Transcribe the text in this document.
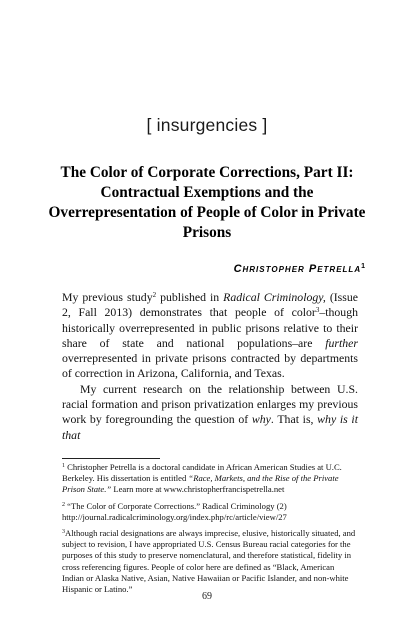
[ insurgencies ]
The Color of Corporate Corrections, Part II: Contractual Exemptions and the Overrepresentation of People of Color in Private Prisons
Christopher Petrella$^1$

My previous study$^2$ published in Radical Criminology, (Issue 2, Fall 2013) demonstrates that people of color$^3$–though historically overrepresented in public prisons relative to their share of state and national populations–are further overrepresented in private prisons contracted by departments of correction in Arizona, California, and Texas.

My current research on the relationship between U.S. racial formation and prison privatization enlarges my previous work by foregrounding the question of why. That is, why is it that

$^1$ Christopher Petrella is a doctoral candidate in African American Studies at U.C. Berkeley. His dissertation is entitled “Race, Markets, and the Rise of the Private Prison State.” Learn more at www.christopherfrancispetrella.net

$^2$ “The Color of Corporate Corrections.” Radical Criminology (2) http://journal.radicalcriminology.org/index.php/rc/article/view/27

$^3$Although racial designations are always imprecise, elusive, historically situated, and subject to revision, I have appropriated U.S. Census Bureau racial categories for the purposes of this study to preserve nomenclatural, and therefore statistical, fidelity in cross referencing figures. People of color here are defined as “Black, American Indian or Alaska Native, Asian, Native Hawaiian or Pacific Islander, and non-white Hispanic or Latino.”

69
